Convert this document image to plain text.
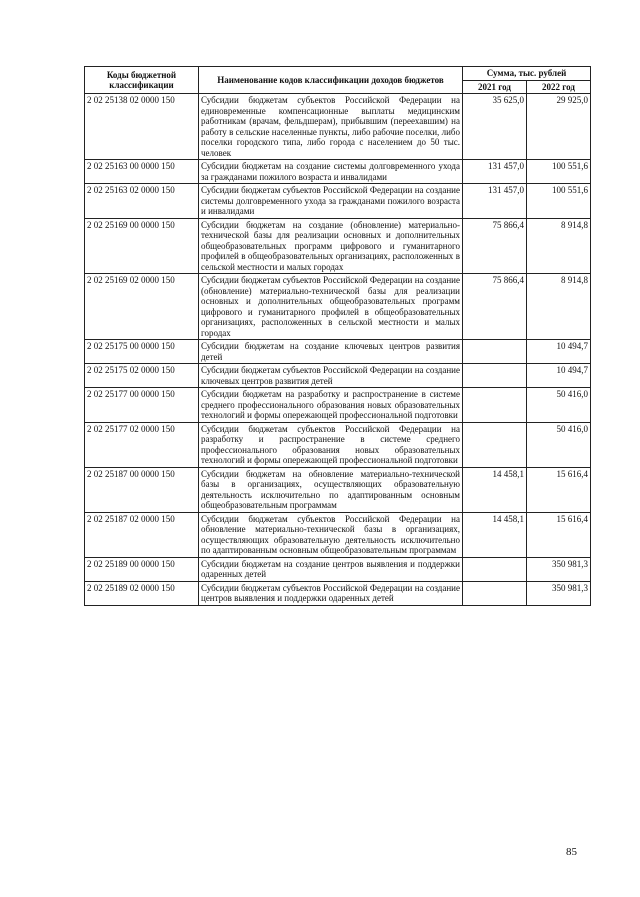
Коды бюджетной классификации	Наименование кодов классификации доходов бюджетов	Сумма, тыс. рублей	
		2021 год	2022 год
2 02 25138 02 0000 150	Субсидии бюджетам субъектов Российской Федерации на единовременные компенсационные выплаты медицинским работникам (врачам, фельдшерам), прибывшим (переехавшим) на работу в сельские населенные пункты, либо рабочие поселки, либо поселки городского типа, либо города с населением до 50 тыс. человек	35 625,0	29 925,0
2 02 25163 00 0000 150	Субсидии бюджетам на создание системы долговременного ухода за гражданами пожилого возраста и инвалидами	131 457,0	100 551,6
2 02 25163 02 0000 150	Субсидии бюджетам субъектов Российской Федерации на создание системы долговременного ухода за гражданами пожилого возраста и инвалидами	131 457,0	100 551,6
2 02 25169 00 0000 150	Субсидии бюджетам на создание (обновление) материально-технической базы для реализации основных и дополнительных общеобразовательных программ цифрового и гуманитарного профилей в общеобразовательных организациях, расположенных в сельской местности и малых городах	75 866,4	8 914,8
2 02 25169 02 0000 150	Субсидии бюджетам субъектов Российской Федерации на создание (обновление) материально-технической базы для реализации основных и дополнительных общеобразовательных программ цифрового и гуманитарного профилей в общеобразовательных организациях, расположенных в сельской местности и малых городах	75 866,4	8 914,8
2 02 25175 00 0000 150	Субсидии бюджетам на создание ключевых центров развития детей		10 494,7
2 02 25175 02 0000 150	Субсидии бюджетам субъектов Российской Федерации на создание ключевых центров развития детей		10 494,7
2 02 25177 00 0000 150	Субсидии бюджетам на разработку и распространение в системе среднего профессионального образования новых образовательных технологий и формы опережающей профессиональной подготовки		50 416,0
2 02 25177 02 0000 150	Субсидии бюджетам субъектов Российской Федерации на разработку и распространение в системе среднего профессионального образования новых образовательных технологий и формы опережающей профессиональной подготовки		50 416,0
2 02 25187 00 0000 150	Субсидии бюджетам на обновление материально-технической базы в организациях, осуществляющих образовательную деятельность исключительно по адаптированным основным общеобразовательным программам	14 458,1	15 616,4
2 02 25187 02 0000 150	Субсидии бюджетам субъектов Российской Федерации на обновление материально-технической базы в организациях, осуществляющих образовательную деятельность исключительно по адаптированным основным общеобразовательным программам	14 458,1	15 616,4
2 02 25189 00 0000 150	Субсидии бюджетам на создание центров выявления и поддержки одаренных детей		350 981,3
2 02 25189 02 0000 150	Субсидии бюджетам субъектов Российской Федерации на создание центров выявления и поддержки одаренных детей		350 981,3
85
